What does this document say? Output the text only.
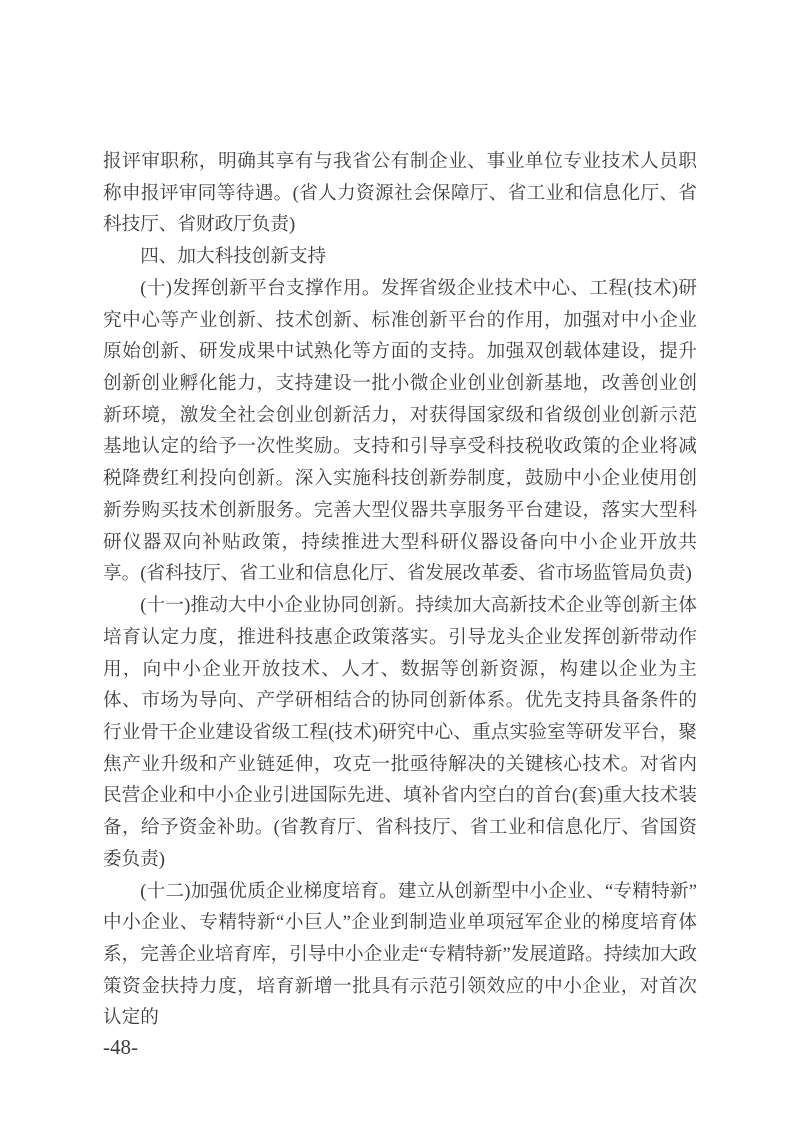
报评审职称，明确其享有与我省公有制企业、事业单位专业技术人员职称申报评审同等待遇。(省人力资源社会保障厅、省工业和信息化厅、省科技厅、省财政厅负责)

四、加大科技创新支持

(十)发挥创新平台支撑作用。发挥省级企业技术中心、工程(技术)研究中心等产业创新、技术创新、标准创新平台的作用，加强对中小企业原始创新、研发成果中试熟化等方面的支持。加强双创载体建设，提升创新创业孵化能力，支持建设一批小微企业创业创新基地，改善创业创新环境，激发全社会创业创新活力，对获得国家级和省级创业创新示范基地认定的给予一次性奖励。支持和引导享受科技税收政策的企业将减税降费红利投向创新。深入实施科技创新券制度，鼓励中小企业使用创新券购买技术创新服务。完善大型仪器共享服务平台建设，落实大型科研仪器双向补贴政策，持续推进大型科研仪器设备向中小企业开放共享。(省科技厅、省工业和信息化厅、省发展改革委、省市场监管局负责)

(十一)推动大中小企业协同创新。持续加大高新技术企业等创新主体培育认定力度，推进科技惠企政策落实。引导龙头企业发挥创新带动作用，向中小企业开放技术、人才、数据等创新资源，构建以企业为主体、市场为导向、产学研相结合的协同创新体系。优先支持具备条件的行业骨干企业建设省级工程(技术)研究中心、重点实验室等研发平台，聚焦产业升级和产业链延伸，攻克一批亟待解决的关键核心技术。对省内民营企业和中小企业引进国际先进、填补省内空白的首台(套)重大技术装备，给予资金补助。(省教育厅、省科技厅、省工业和信息化厅、省国资委负责)

(十二)加强优质企业梯度培育。建立从创新型中小企业、“专精特新”中小企业、专精特新“小巨人”企业到制造业单项冠军企业的梯度培育体系，完善企业培育库，引导中小企业走“专精特新”发展道路。持续加大政策资金扶持力度，培育新增一批具有示范引领效应的中小企业，对首次认定的

-48-
